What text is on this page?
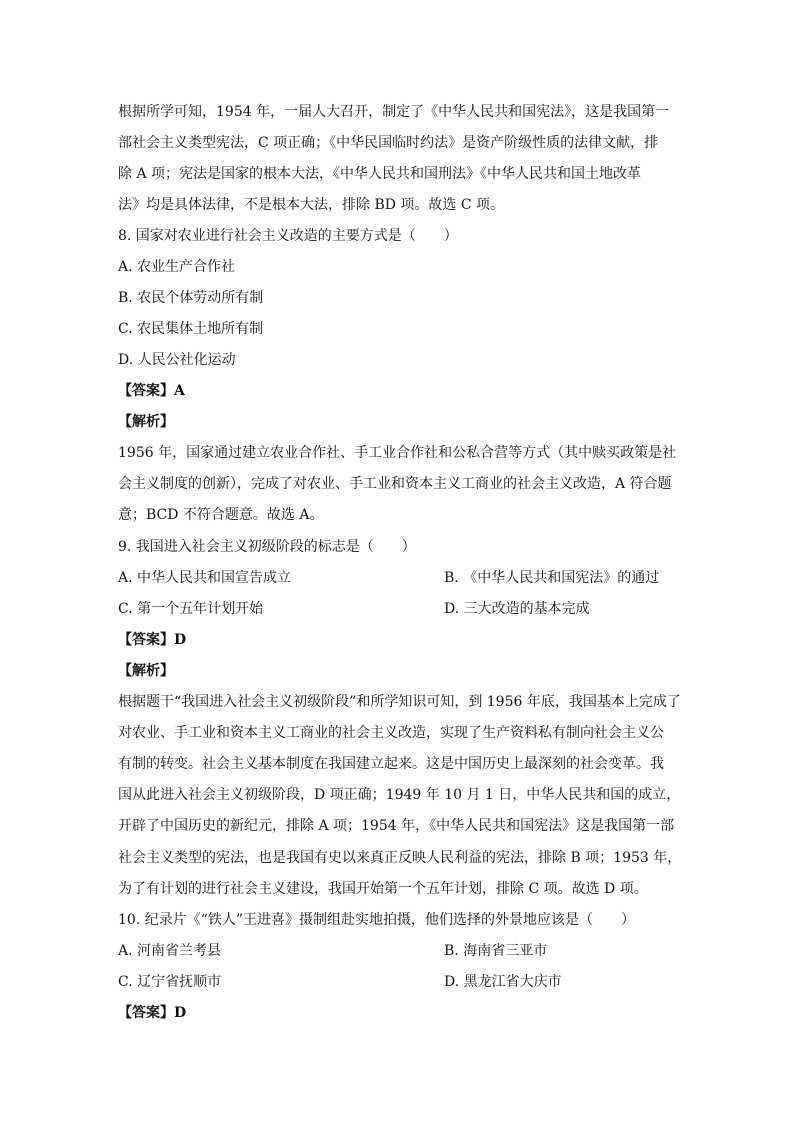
根据所学可知，1954 年，一届人大召开，制定了《中华人民共和国宪法》，这是我国第一
部社会主义类型宪法，C 项正确；《中华民国临时约法》是资产阶级性质的法律文献，排
除 A 项；宪法是国家的根本大法，《中华人民共和国刑法》《中华人民共和国土地改革
法》均是具体法律，不是根本大法，排除 BD 项。故选 C 项。
8. 国家对农业进行社会主义改造的主要方式是（　　）
A. 农业生产合作社
B. 农民个体劳动所有制
C. 农民集体土地所有制
D. 人民公社化运动
【答案】A
【解析】
1956 年，国家通过建立农业合作社、手工业合作社和公私合营等方式（其中赎买政策是社
会主义制度的创新），完成了对农业、手工业和资本主义工商业的社会主义改造，A 符合题
意；BCD 不符合题意。故选 A。
9. 我国进入社会主义初级阶段的标志是（　　）
A. 中华人民共和国宣告成立	B. 《中华人民共和国宪法》的通过
C. 第一个五年计划开始	D. 三大改造的基本完成
【答案】D
【解析】
根据题干“我国进入社会主义初级阶段”和所学知识可知，到 1956 年底，我国基本上完成了
对农业、手工业和资本主义工商业的社会主义改造，实现了生产资料私有制向社会主义公
有制的转变。社会主义基本制度在我国建立起来。这是中国历史上最深刻的社会变革。我
国从此进入社会主义初级阶段，D 项正确；1949 年 10 月 1 日，中华人民共和国的成立，
开辟了中国历史的新纪元，排除 A 项；1954 年，《中华人民共和国宪法》这是我国第一部
社会主义类型的宪法，也是我国有史以来真正反映人民利益的宪法，排除 B 项；1953 年，
为了有计划的进行社会主义建设，我国开始第一个五年计划，排除 C 项。故选 D 项。
10. 纪录片《“铁人”王进喜》摄制组赴实地拍摄，他们选择的外景地应该是（　　）
A. 河南省兰考县	B. 海南省三亚市
C. 辽宁省抚顺市	D. 黑龙江省大庆市
【答案】D
